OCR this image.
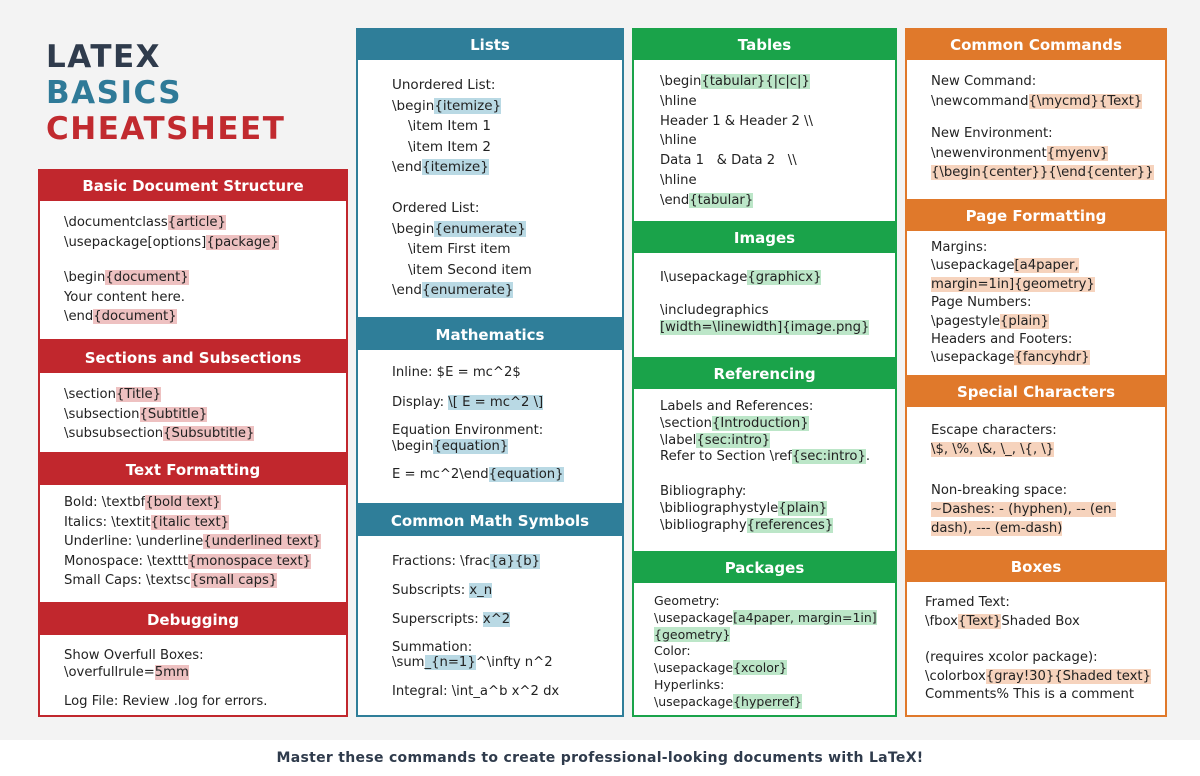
LATEX
BASICS
CHEATSHEET
Basic Document Structure
\documentclass{article}
\usepackage[options]{package}
\begin{document}
Your content here.
\end{document}
Sections and Subsections
\section{Title}
\subsection{Subtitle}
\subsubsection{Subsubtitle}
Text Formatting
Bold: \textbf{bold text}
Italics: \textit{italic text}
Underline: \underline{underlined text}
Monospace: \texttt{monospace text}
Small Caps: \textsc{small caps}
Debugging
Show Overfull Boxes:
\overfullrule=5mm
Log File: Review .log for errors.
Lists
Unordered List:
\begin{itemize}
\item Item 1
\item Item 2
\end{itemize}
Ordered List:
\begin{enumerate}
\item First item
\item Second item
\end{enumerate}
Mathematics
Inline: $E = mc^2$
Display: \[ E = mc^2 \]
Equation Environment:
\begin{equation}
E = mc^2\end{equation}
Common Math Symbols
Fractions: \frac{a}{b}
Subscripts: x_n
Superscripts: x^2
Summation:
\sum_{n=1}^\infty n^2
Integral: \int_a^b x^2 dx
Tables
\begin{tabular}{|c|c|}
\hline
Header 1 & Header 2 \\
\hline
Data 1   & Data 2   \\
\hline
\end{tabular}
Images
I\usepackage{graphicx}
\includegraphics
[width=\linewidth]{image.png}
Referencing
Labels and References:
\section{Introduction}
\label{sec:intro}
Refer to Section \ref{sec:intro}.
Bibliography:
\bibliographystyle{plain}
\bibliography{references}
Packages
Geometry:
\usepackage[a4paper, margin=1in]
{geometry}
Color:
\usepackage{xcolor}
Hyperlinks:
\usepackage{hyperref}
Common Commands
New Command:
\newcommand{\mycmd}{Text}
New Environment:
\newenvironment{myenv}
{\begin{center}}{\end{center}}
Page Formatting
Margins:
\usepackage[a4paper,
margin=1in]{geometry}
Page Numbers:
\pagestyle{plain}
Headers and Footers:
\usepackage{fancyhdr}
Special Characters
Escape characters:
\$, \%, \&, \_, \{, \}
Non-breaking space:
~Dashes: - (hyphen), -- (en-
dash), --- (em-dash)
Boxes
Framed Text:
\fbox{Text}Shaded Box
(requires xcolor package):
\colorbox{gray!30}{Shaded text}
Comments% This is a comment
Master these commands to create professional-looking documents with LaTeX!
